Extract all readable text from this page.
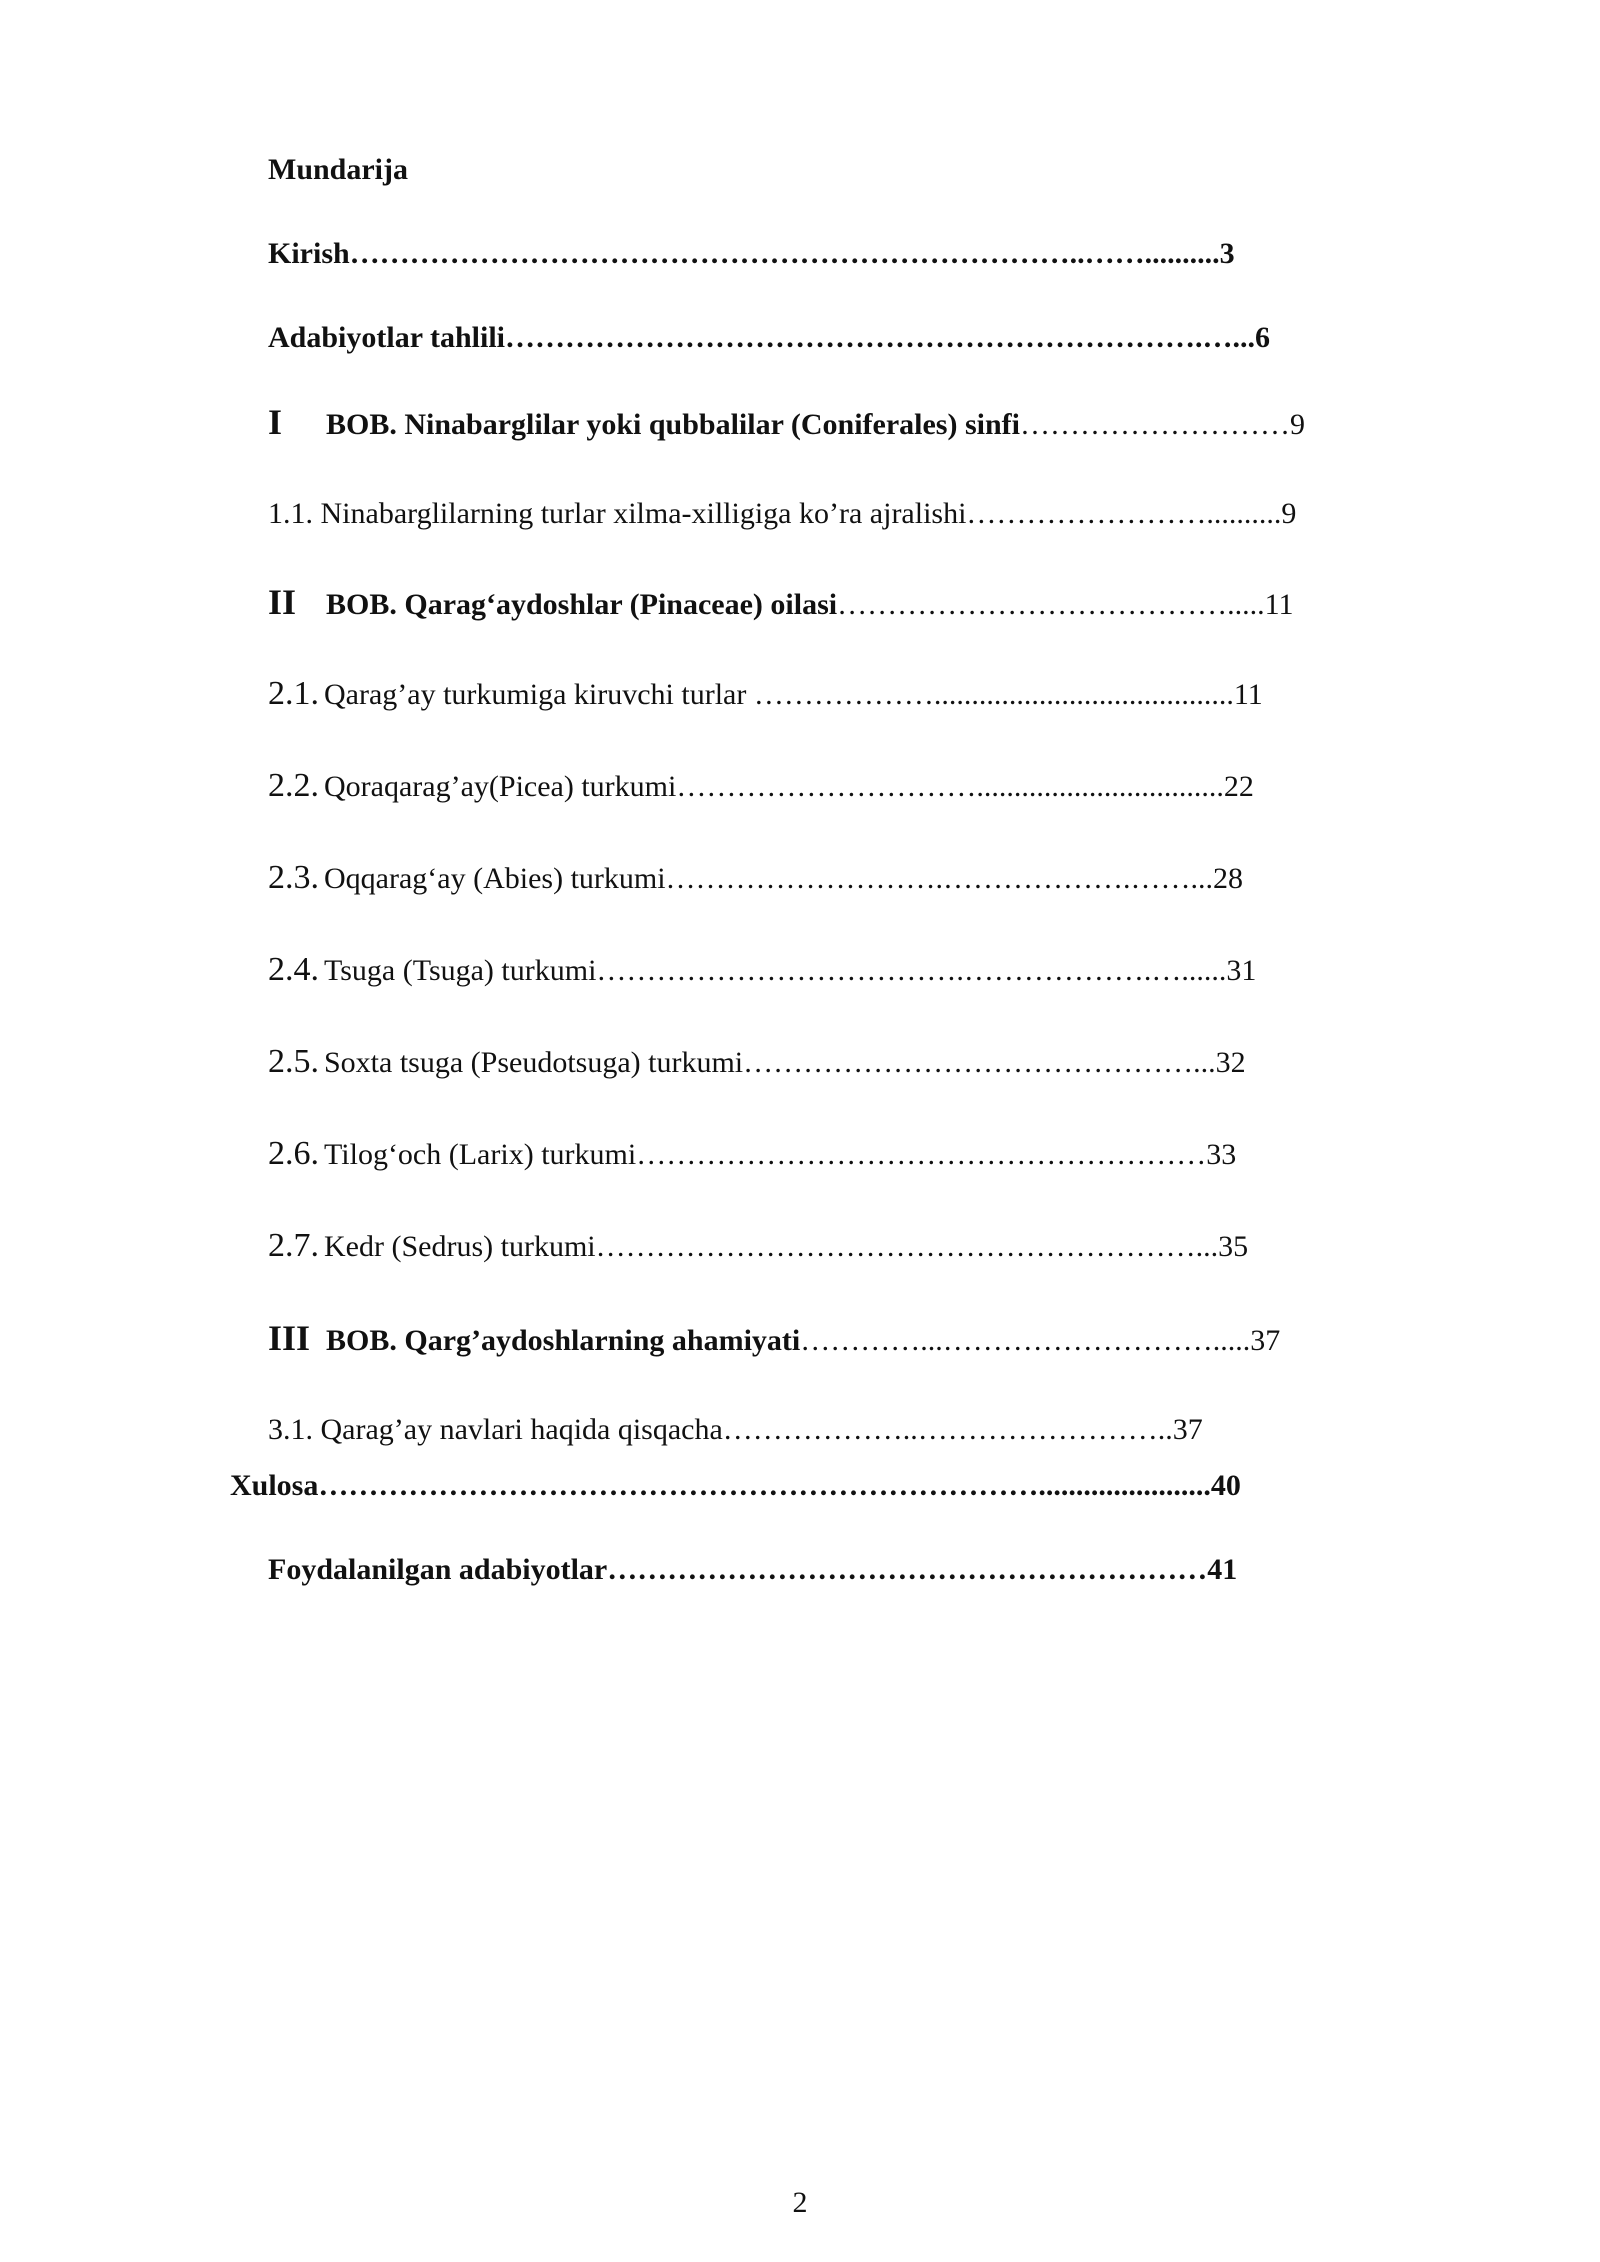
Mundarija
Kirish………………………………………………………………..……..........3
Adabiyotlar tahlili…………………………………………………………….…...6
I BOB. Ninabarglilar yoki qubbalilar (Coniferales) sinfi………………………9
1.1. Ninabarglilarning turlar xilma-xilligiga ko’ra ajralishi……………………..........9
II BOB. Qarag‘aydoshlar (Pinaceae) oilasi………………………………….....11
2.1. Qarag’ay turkumiga kiruvchi turlar ………………........................................11
2.2. Qoraqarag’ay(Picea) turkumi………………………….................................22
2.3. Oqqarag‘ay (Abies) turkumi……………………….……………….……...28
2.4. Tsuga (Tsuga) turkumi……………………………….……………….…......31
2.5. Soxta tsuga (Pseudotsuga) turkumi………………………………………...32
2.6. Tilog‘och (Larix) turkumi…………………………………………………33
2.7. Kedr (Sedrus) turkumi……………………………………………………...35
III BOB. Qarg’aydoshlarning ahamiyati…………...……………………….....37
3.1. Qarag’ay navlari haqida qisqacha………………..……………………..37
Xulosa……………………………………………………………….......................40
Foydalanilgan adabiyotlar……………………………………………………41
2
